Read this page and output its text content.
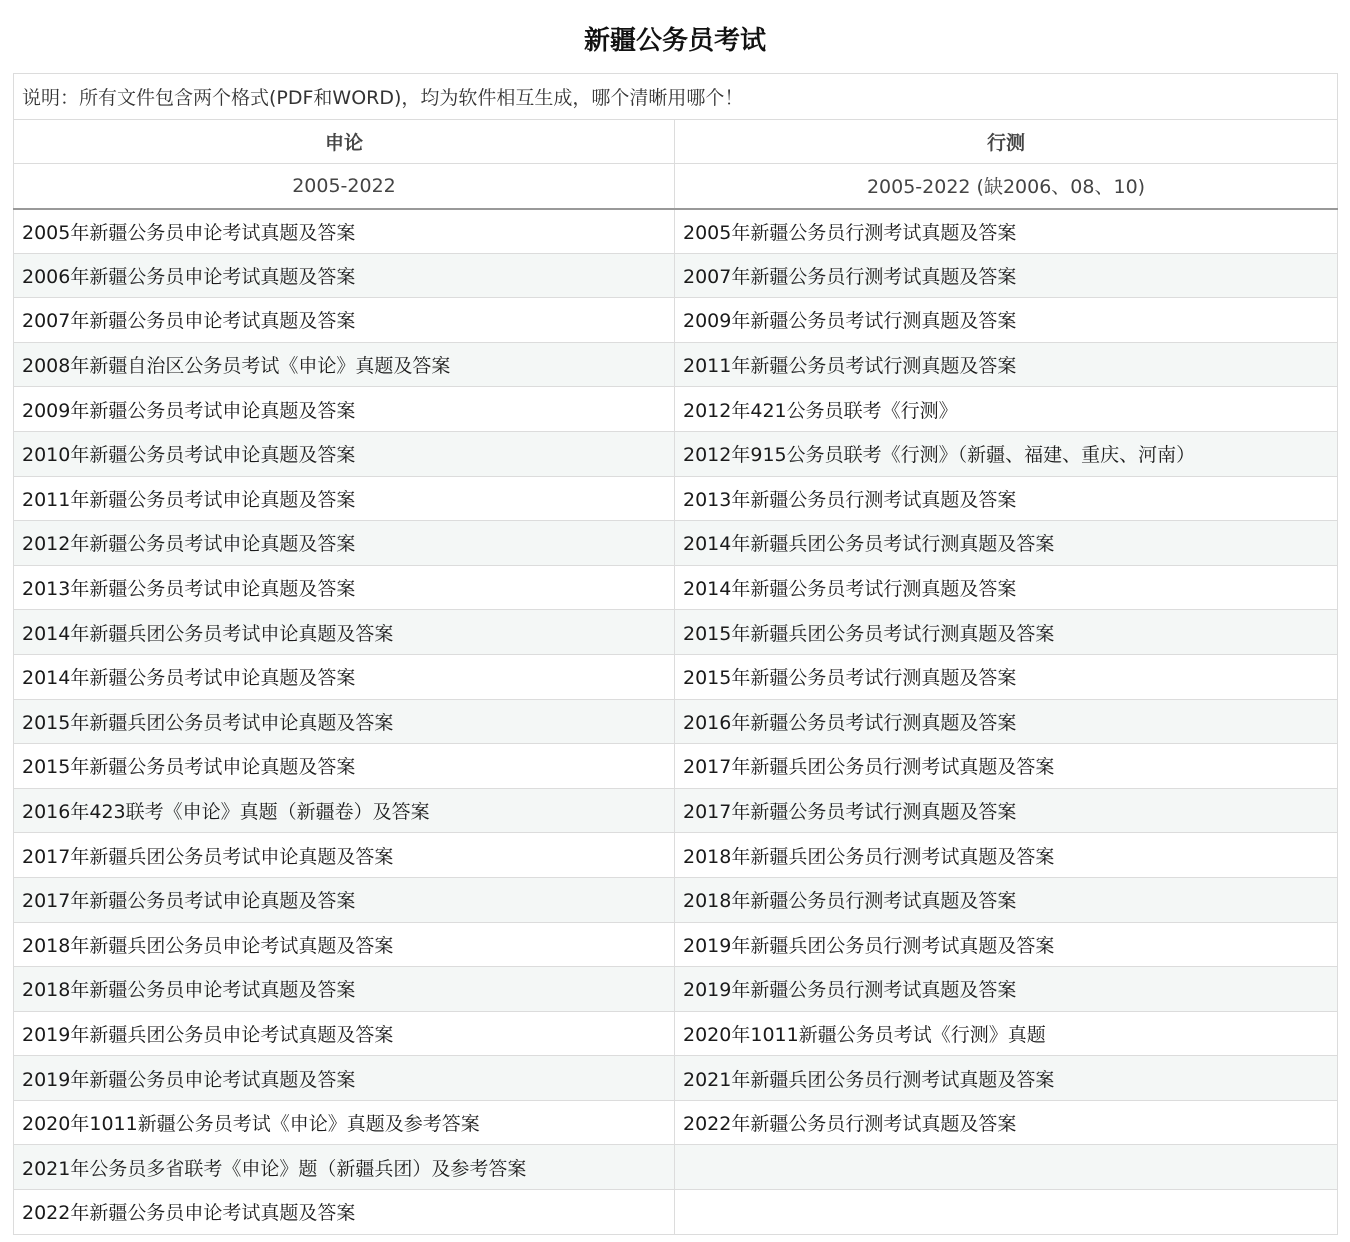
新疆公务员考试
说明：所有文件包含两个格式(PDF和WORD)，均为软件相互生成，哪个清晰用哪个！	
申论	行测
2005-2022	2005-2022 (缺2006、08、10)
2005年新疆公务员申论考试真题及答案	2005年新疆公务员行测考试真题及答案
2006年新疆公务员申论考试真题及答案	2007年新疆公务员行测考试真题及答案
2007年新疆公务员申论考试真题及答案	2009年新疆公务员考试行测真题及答案
2008年新疆自治区公务员考试《申论》真题及答案	2011年新疆公务员考试行测真题及答案
2009年新疆公务员考试申论真题及答案	2012年421公务员联考《行测》
2010年新疆公务员考试申论真题及答案	2012年915公务员联考《行测》（新疆、福建、重庆、河南）
2011年新疆公务员考试申论真题及答案	2013年新疆公务员行测考试真题及答案
2012年新疆公务员考试申论真题及答案	2014年新疆兵团公务员考试行测真题及答案
2013年新疆公务员考试申论真题及答案	2014年新疆公务员考试行测真题及答案
2014年新疆兵团公务员考试申论真题及答案	2015年新疆兵团公务员考试行测真题及答案
2014年新疆公务员考试申论真题及答案	2015年新疆公务员考试行测真题及答案
2015年新疆兵团公务员考试申论真题及答案	2016年新疆公务员考试行测真题及答案
2015年新疆公务员考试申论真题及答案	2017年新疆兵团公务员行测考试真题及答案
2016年423联考《申论》真题（新疆卷）及答案	2017年新疆公务员考试行测真题及答案
2017年新疆兵团公务员考试申论真题及答案	2018年新疆兵团公务员行测考试真题及答案
2017年新疆公务员考试申论真题及答案	2018年新疆公务员行测考试真题及答案
2018年新疆兵团公务员申论考试真题及答案	2019年新疆兵团公务员行测考试真题及答案
2018年新疆公务员申论考试真题及答案	2019年新疆公务员行测考试真题及答案
2019年新疆兵团公务员申论考试真题及答案	2020年1011新疆公务员考试《行测》真题
2019年新疆公务员申论考试真题及答案	2021年新疆兵团公务员行测考试真题及答案
2020年1011新疆公务员考试《申论》真题及参考答案	2022年新疆公务员行测考试真题及答案
2021年公务员多省联考《申论》题（新疆兵团）及参考答案	
2022年新疆公务员申论考试真题及答案	
